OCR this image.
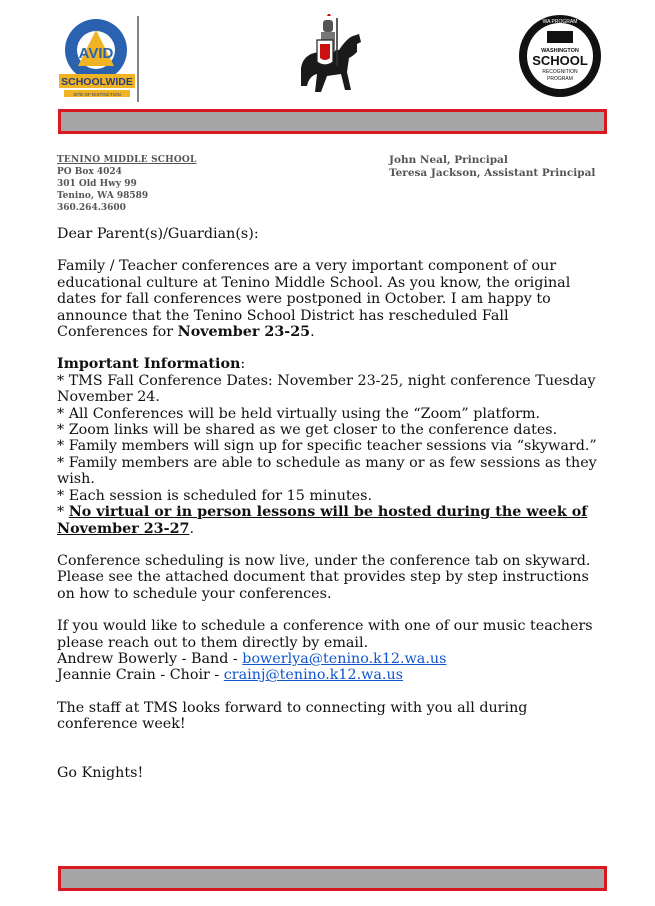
AVID
SCHOOLWIDE
SITE OF DISTINCTION
WA PROGRAM
WASHINGTON
SCHOOL
RECOGNITION
PROGRAM
TENINO MIDDLE SCHOOL
PO Box 4024
301 Old Hwy 99
Tenino, WA 98589
360.264.3600
John Neal, Principal
Teresa Jackson, Assistant Principal

Dear Parent(s)/Guardian(s):

Family / Teacher conferences are a very important component of our educational culture at Tenino Middle School. As you know, the original dates for fall conferences were postponed in October. I am happy to announce that the Tenino School District has rescheduled Fall Conferences for November 23-25.

Important Information:

* TMS Fall Conference Dates: November 23-25, night conference Tuesday November 24.

* All Conferences will be held virtually using the “Zoom” platform.

* Zoom links will be shared as we get closer to the conference dates.

* Family members will sign up for specific teacher sessions via “skyward.”

* Family members are able to schedule as many or as few sessions as they wish.

* Each session is scheduled for 15 minutes.

* No virtual or in person lessons will be hosted during the week of November 23-27.

Conference scheduling is now live, under the conference tab on skyward. Please see the attached document that provides step by step instructions on how to schedule your conferences.

If you would like to schedule a conference with one of our music teachers please reach out to them directly by email.

Andrew Bowerly - Band - bowerlya@tenino.k12.wa.us

Jeannie Crain - Choir - crainj@tenino.k12.wa.us

The staff at TMS looks forward to connecting with you all during conference week!

Go Knights!
